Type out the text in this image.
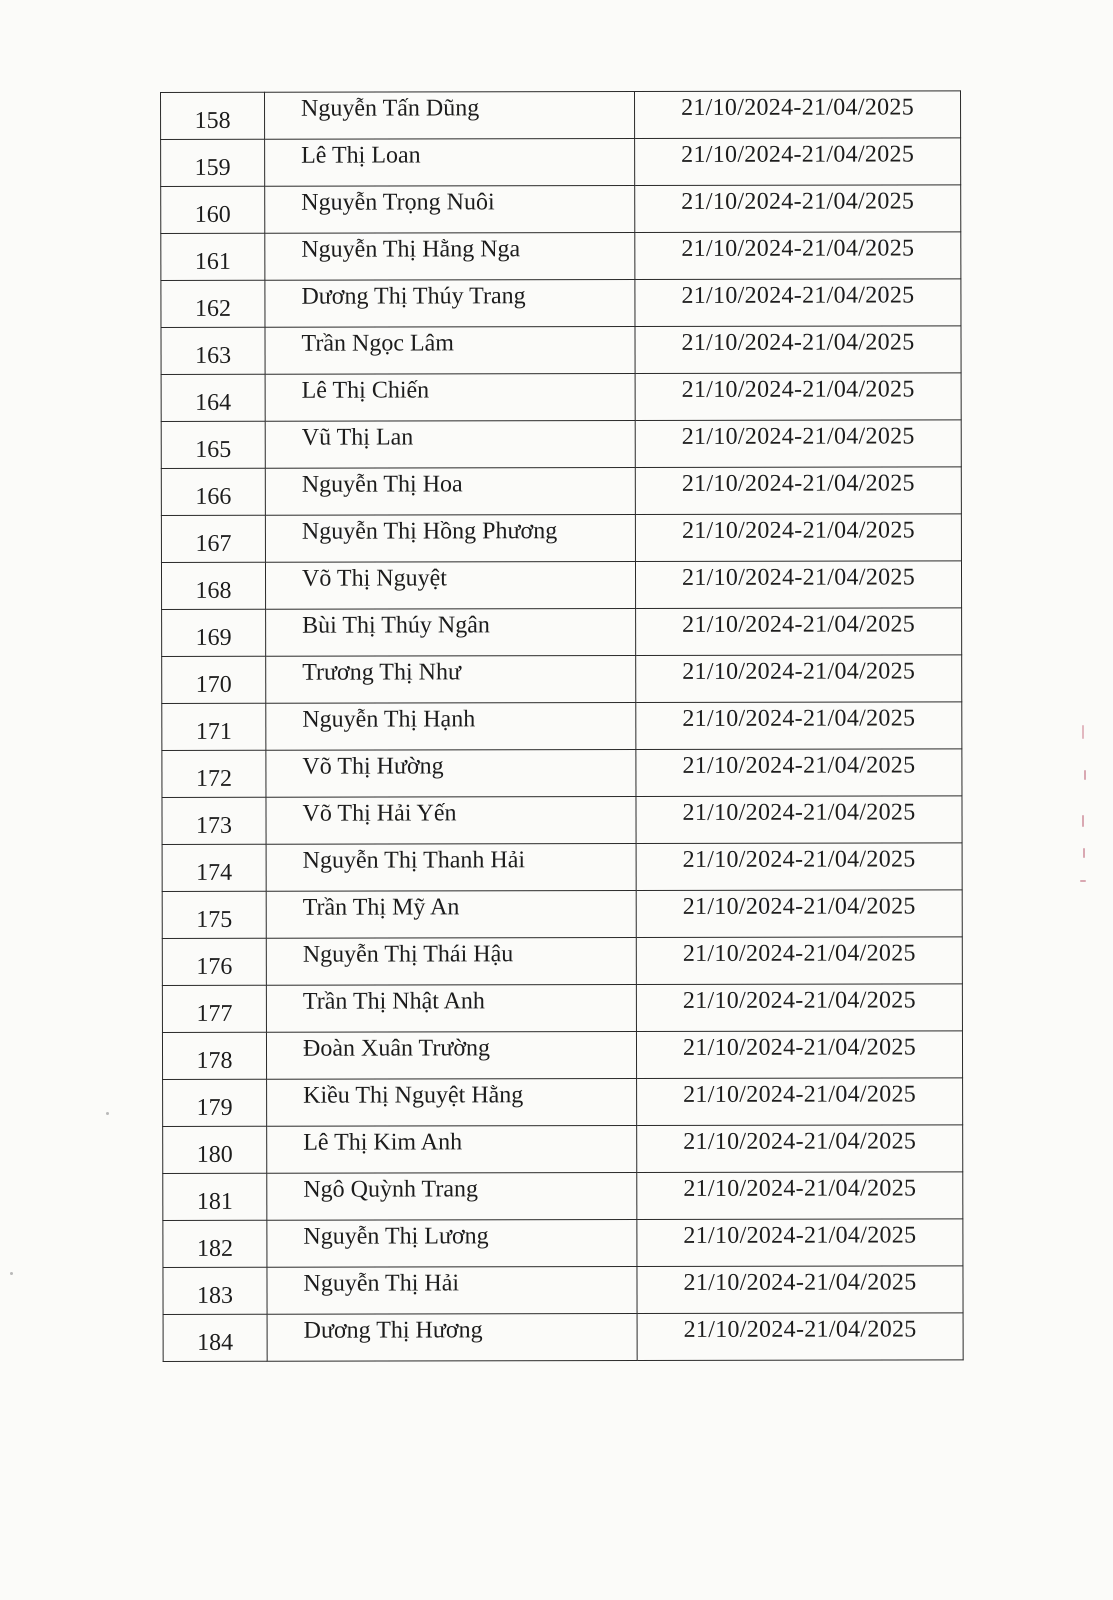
158	Nguyễn Tấn Dũng	21/10/2024-21/04/2025
159	Lê Thị Loan	21/10/2024-21/04/2025
160	Nguyễn Trọng Nuôi	21/10/2024-21/04/2025
161	Nguyễn Thị Hằng Nga	21/10/2024-21/04/2025
162	Dương Thị Thúy Trang	21/10/2024-21/04/2025
163	Trần Ngọc Lâm	21/10/2024-21/04/2025
164	Lê Thị Chiến	21/10/2024-21/04/2025
165	Vũ Thị Lan	21/10/2024-21/04/2025
166	Nguyễn Thị Hoa	21/10/2024-21/04/2025
167	Nguyễn Thị Hồng Phương	21/10/2024-21/04/2025
168	Võ Thị Nguyệt	21/10/2024-21/04/2025
169	Bùi Thị Thúy Ngân	21/10/2024-21/04/2025
170	Trương Thị Như	21/10/2024-21/04/2025
171	Nguyễn Thị Hạnh	21/10/2024-21/04/2025
172	Võ Thị Hường	21/10/2024-21/04/2025
173	Võ Thị Hải Yến	21/10/2024-21/04/2025
174	Nguyễn Thị Thanh Hải	21/10/2024-21/04/2025
175	Trần Thị Mỹ An	21/10/2024-21/04/2025
176	Nguyễn Thị Thái Hậu	21/10/2024-21/04/2025
177	Trần Thị Nhật Anh	21/10/2024-21/04/2025
178	Đoàn Xuân Trường	21/10/2024-21/04/2025
179	Kiều Thị Nguyệt Hằng	21/10/2024-21/04/2025
180	Lê Thị Kim Anh	21/10/2024-21/04/2025
181	Ngô Quỳnh Trang	21/10/2024-21/04/2025
182	Nguyễn Thị Lương	21/10/2024-21/04/2025
183	Nguyễn Thị Hải	21/10/2024-21/04/2025
184	Dương Thị Hương	21/10/2024-21/04/2025
